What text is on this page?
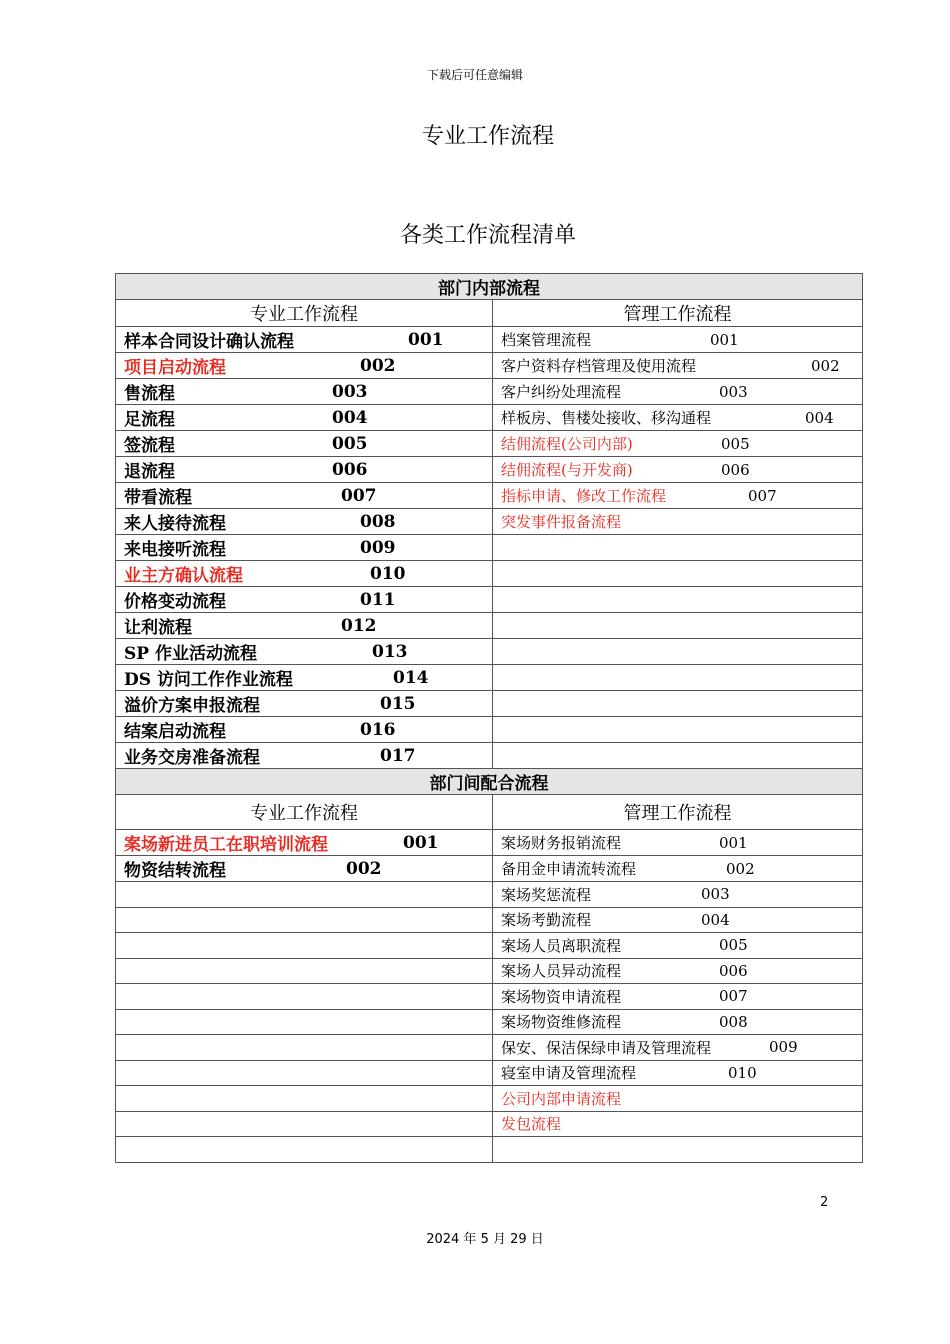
下载后可任意编辑
专业工作流程
各类工作流程清单
部门内部流程	
专业工作流程	管理工作流程
样本合同设计确认流程 001	档案管理流程 001

项目启动流程 002	客户资料存档管理及使用流程 002

售流程 003	客户纠纷处理流程 003

足流程 004	样板房、售楼处接收、移沟通程 004

签流程 005	结佣流程(公司内部) 005

退流程 006	结佣流程(与开发商) 006

带看流程 007	指标申请、修改工作流程 007

来人接待流程 008	突发事件报备流程
来电接听流程 009	

业主方确认流程 010	

价格变动流程 011	

让利流程 012	

SP 作业活动流程 013	

DS 访问工作作业流程 014	

溢价方案申报流程 015	

结案启动流程 016	

业务交房准备流程 017	

部门间配合流程	
专业工作流程	管理工作流程
案场新进员工在职培训流程 001	案场财务报销流程 001

物资结转流程 002	备用金申请流转流程 002

	案场奖惩流程 003

	案场考勤流程 004

	案场人员离职流程 005

	案场人员异动流程 006

	案场物资申请流程 007

	案场物资维修流程 008

	保安、保洁保绿申请及管理流程 009

	寝室申请及管理流程 010

	公司内部申请流程
	发包流程

2
2024 年 5 月 29 日
